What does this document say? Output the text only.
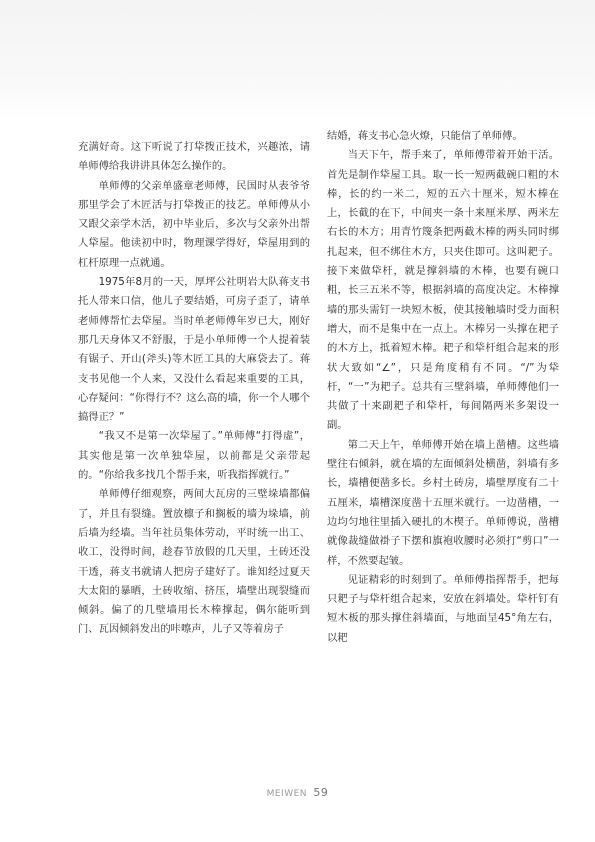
充满好奇。这下听说了打牮拨正技术，兴趣浓，请单师傅给我讲讲具体怎么操作的。

单师傅的父亲单盛章老师傅，民国时从表爷爷那里学会了木匠活与打牮拨正的技艺。单师傅从小又跟父亲学木活，初中毕业后，多次与父亲外出帮人牮屋。他读初中时，物理课学得好，牮屋用到的杠杆原理一点就通。

1975年8月的一天，厚坪公社明岩大队蒋支书托人带来口信，他儿子要结婚，可房子歪了，请单老师傅帮忙去牮屋。当时单老师傅年岁已大，刚好那几天身体又不舒服，于是小单师傅一个人提着装有锯子、开山(斧头)等木匠工具的大麻袋去了。蒋支书见他一个人来，又没什么看起来重要的工具，心存疑问：“你得行不？这么高的墙，你一个人哪个搞得正？”

“我又不是第一次牮屋了。”单师傅“打得虚”，其实他是第一次单独牮屋，以前都是父亲带起的。“你给我多找几个帮手来，听我指挥就行。”

单师傅仔细观察，两间大瓦房的三壁垛墙都偏了，并且有裂缝。置放檩子和搁板的墙为垛墙，前后墙为经墙。当年社员集体劳动，平时统一出工、收工，没得时间，趁春节放假的几天里，土砖还没干透，蒋支书就请人把房子建好了。谁知经过夏天大太阳的暴晒，土砖收缩、挤压，墙壁出现裂缝而倾斜。偏了的几壁墙用长木棒撑起，偶尔能听到门、瓦因倾斜发出的咔嚓声，儿子又等着房子

结婚，蒋支书心急火燎，只能信了单师傅。

当天下午，帮手来了，单师傅带着开始干活。首先是制作牮屋工具。取一长一短两截碗口粗的木棒，长的约一米二，短的五六十厘米，短木棒在上，长截的在下，中间夹一条十来厘米厚、两米左右长的木方；用青竹篾条把两截木棒的两头同时绑扎起来，但不绑住木方，只夹住即可。这叫耙子。接下来做牮杆，就是撑斜墙的木棒，也要有碗口粗，长三五米不等，根据斜墙的高度决定。木棒撑墙的那头需钉一块短木板，使其接触墙时受力面积增大，而不是集中在一点上。木棒另一头撑在耙子的木方上，抵着短木棒。耙子和牮杆组合起来的形状大致如“∠”，只是角度稍有不同。“/”为牮杆，“一”为耙子。总共有三壁斜墙，单师傅他们一共做了十来副耙子和牮杆，每间隔两米多架设一副。

第二天上午，单师傅开始在墙上凿槽。这些墙壁往右倾斜，就在墙的左面倾斜处横凿，斜墙有多长，墙槽便凿多长。乡村土砖房，墙壁厚度有二十五厘米，墙槽深度凿十五厘米就行。一边凿槽，一边均匀地往里插入硬扎的木楔子。单师傅说，凿槽就像裁缝做褂子下摆和旗袍收腰时必须打“剪口”一样，不然要起皱。

见证精彩的时刻到了。单师傅指挥帮手，把每只耙子与牮杆组合起来，安放在斜墙处。牮杆钉有短木板的那头撑住斜墙面，与地面呈45°角左右，以耙

MEIWEN 59
